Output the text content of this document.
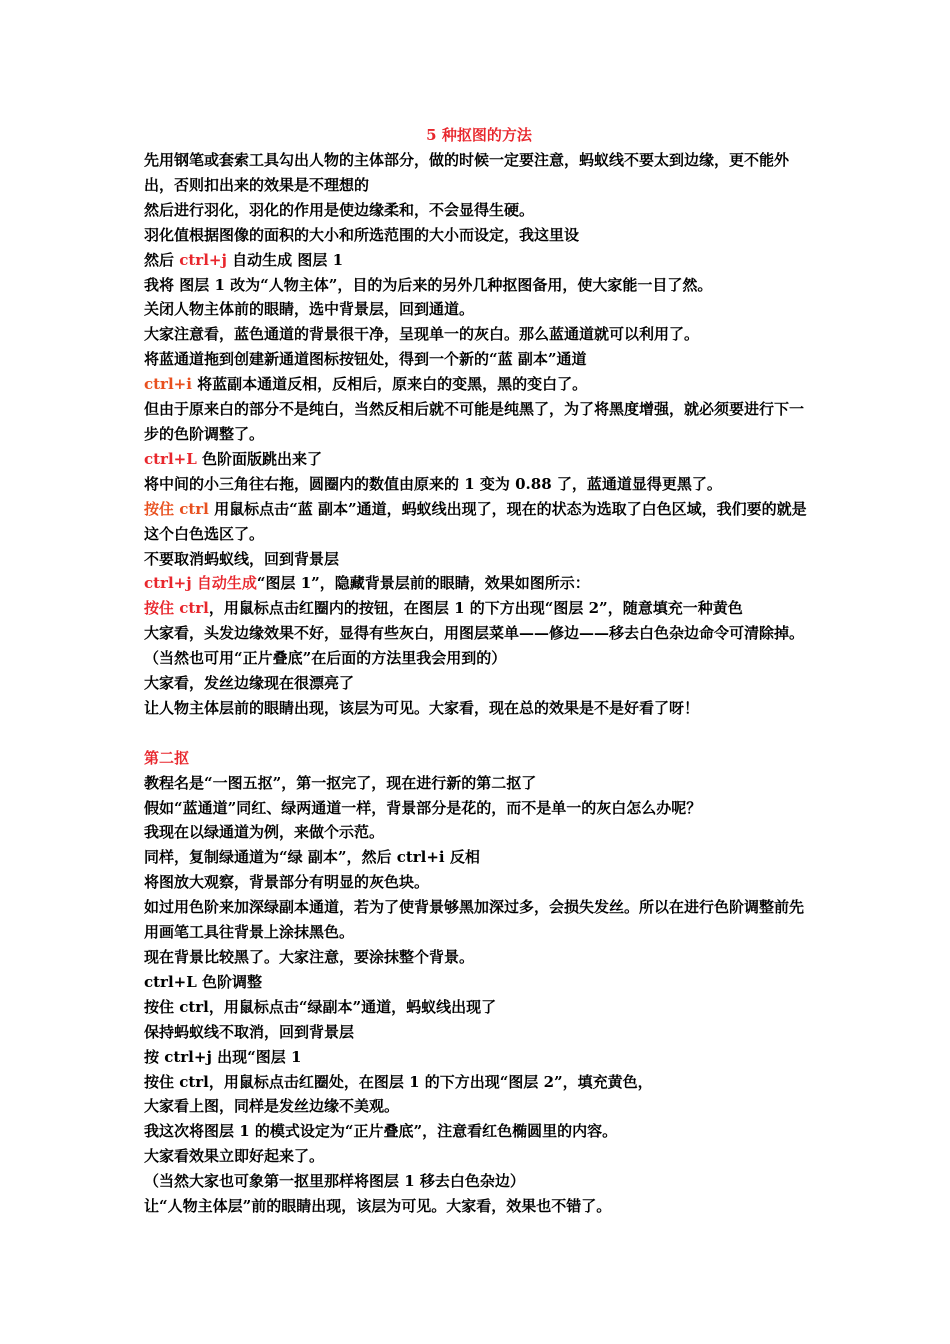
5 种抠图的方法
先用钢笔或套索工具勾出人物的主体部分，做的时候一定要注意，蚂蚁线不要太到边缘，更不能外出，否则扣出来的效果是不理想的
然后进行羽化，羽化的作用是使边缘柔和，不会显得生硬。
羽化值根据图像的面积的大小和所选范围的大小而设定，我这里设
然后 ctrl+j 自动生成 图层 1
我将 图层 1 改为“人物主体”，目的为后来的另外几种抠图备用，使大家能一目了然。
关闭人物主体前的眼睛，选中背景层，回到通道。
大家注意看，蓝色通道的背景很干净，呈现单一的灰白。那么蓝通道就可以利用了。
将蓝通道拖到创建新通道图标按钮处，得到一个新的“蓝 副本”通道
ctrl+i 将蓝副本通道反相，反相后，原来白的变黑，黑的变白了。
但由于原来白的部分不是纯白，当然反相后就不可能是纯黑了，为了将黑度增强，就必须要进行下一步的色阶调整了。
ctrl+L 色阶面版跳出来了
将中间的小三角往右拖，圆圈内的数值由原来的 1 变为 0.88 了，蓝通道显得更黑了。
按住 ctrl 用鼠标点击“蓝 副本”通道，蚂蚁线出现了，现在的状态为选取了白色区域，我们要的就是这个白色选区了。
不要取消蚂蚁线，回到背景层
ctrl+j 自动生成“图层 1”，隐藏背景层前的眼睛，效果如图所示：
按住 ctrl，用鼠标点击红圈内的按钮，在图层 1 的下方出现“图层 2”，随意填充一种黄色
大家看，头发边缘效果不好，显得有些灰白，用图层菜单——修边——移去白色杂边命令可清除掉。（当然也可用“正片叠底”在后面的方法里我会用到的）
大家看，发丝边缘现在很漂亮了
让人物主体层前的眼睛出现，该层为可见。大家看，现在总的效果是不是好看了呀！
第二抠
教程名是“一图五抠”，第一抠完了，现在进行新的第二抠了
假如“蓝通道”同红、绿两通道一样，背景部分是花的，而不是单一的灰白怎么办呢？
我现在以绿通道为例，来做个示范。
同样，复制绿通道为“绿 副本”，然后 ctrl+i 反相
将图放大观察，背景部分有明显的灰色块。
如过用色阶来加深绿副本通道，若为了使背景够黑加深过多，会损失发丝。所以在进行色阶调整前先用画笔工具往背景上涂抹黑色。
现在背景比较黑了。大家注意，要涂抹整个背景。
ctrl+L 色阶调整
按住 ctrl，用鼠标点击“绿副本”通道，蚂蚁线出现了
保持蚂蚁线不取消，回到背景层
按 ctrl+j 出现“图层 1
按住 ctrl，用鼠标点击红圈处，在图层 1 的下方出现“图层 2”，填充黄色，
大家看上图，同样是发丝边缘不美观。
我这次将图层 1 的模式设定为“正片叠底”，注意看红色椭圆里的内容。
大家看效果立即好起来了。
（当然大家也可象第一抠里那样将图层 1 移去白色杂边）
让“人物主体层”前的眼睛出现，该层为可见。大家看，效果也不错了。
